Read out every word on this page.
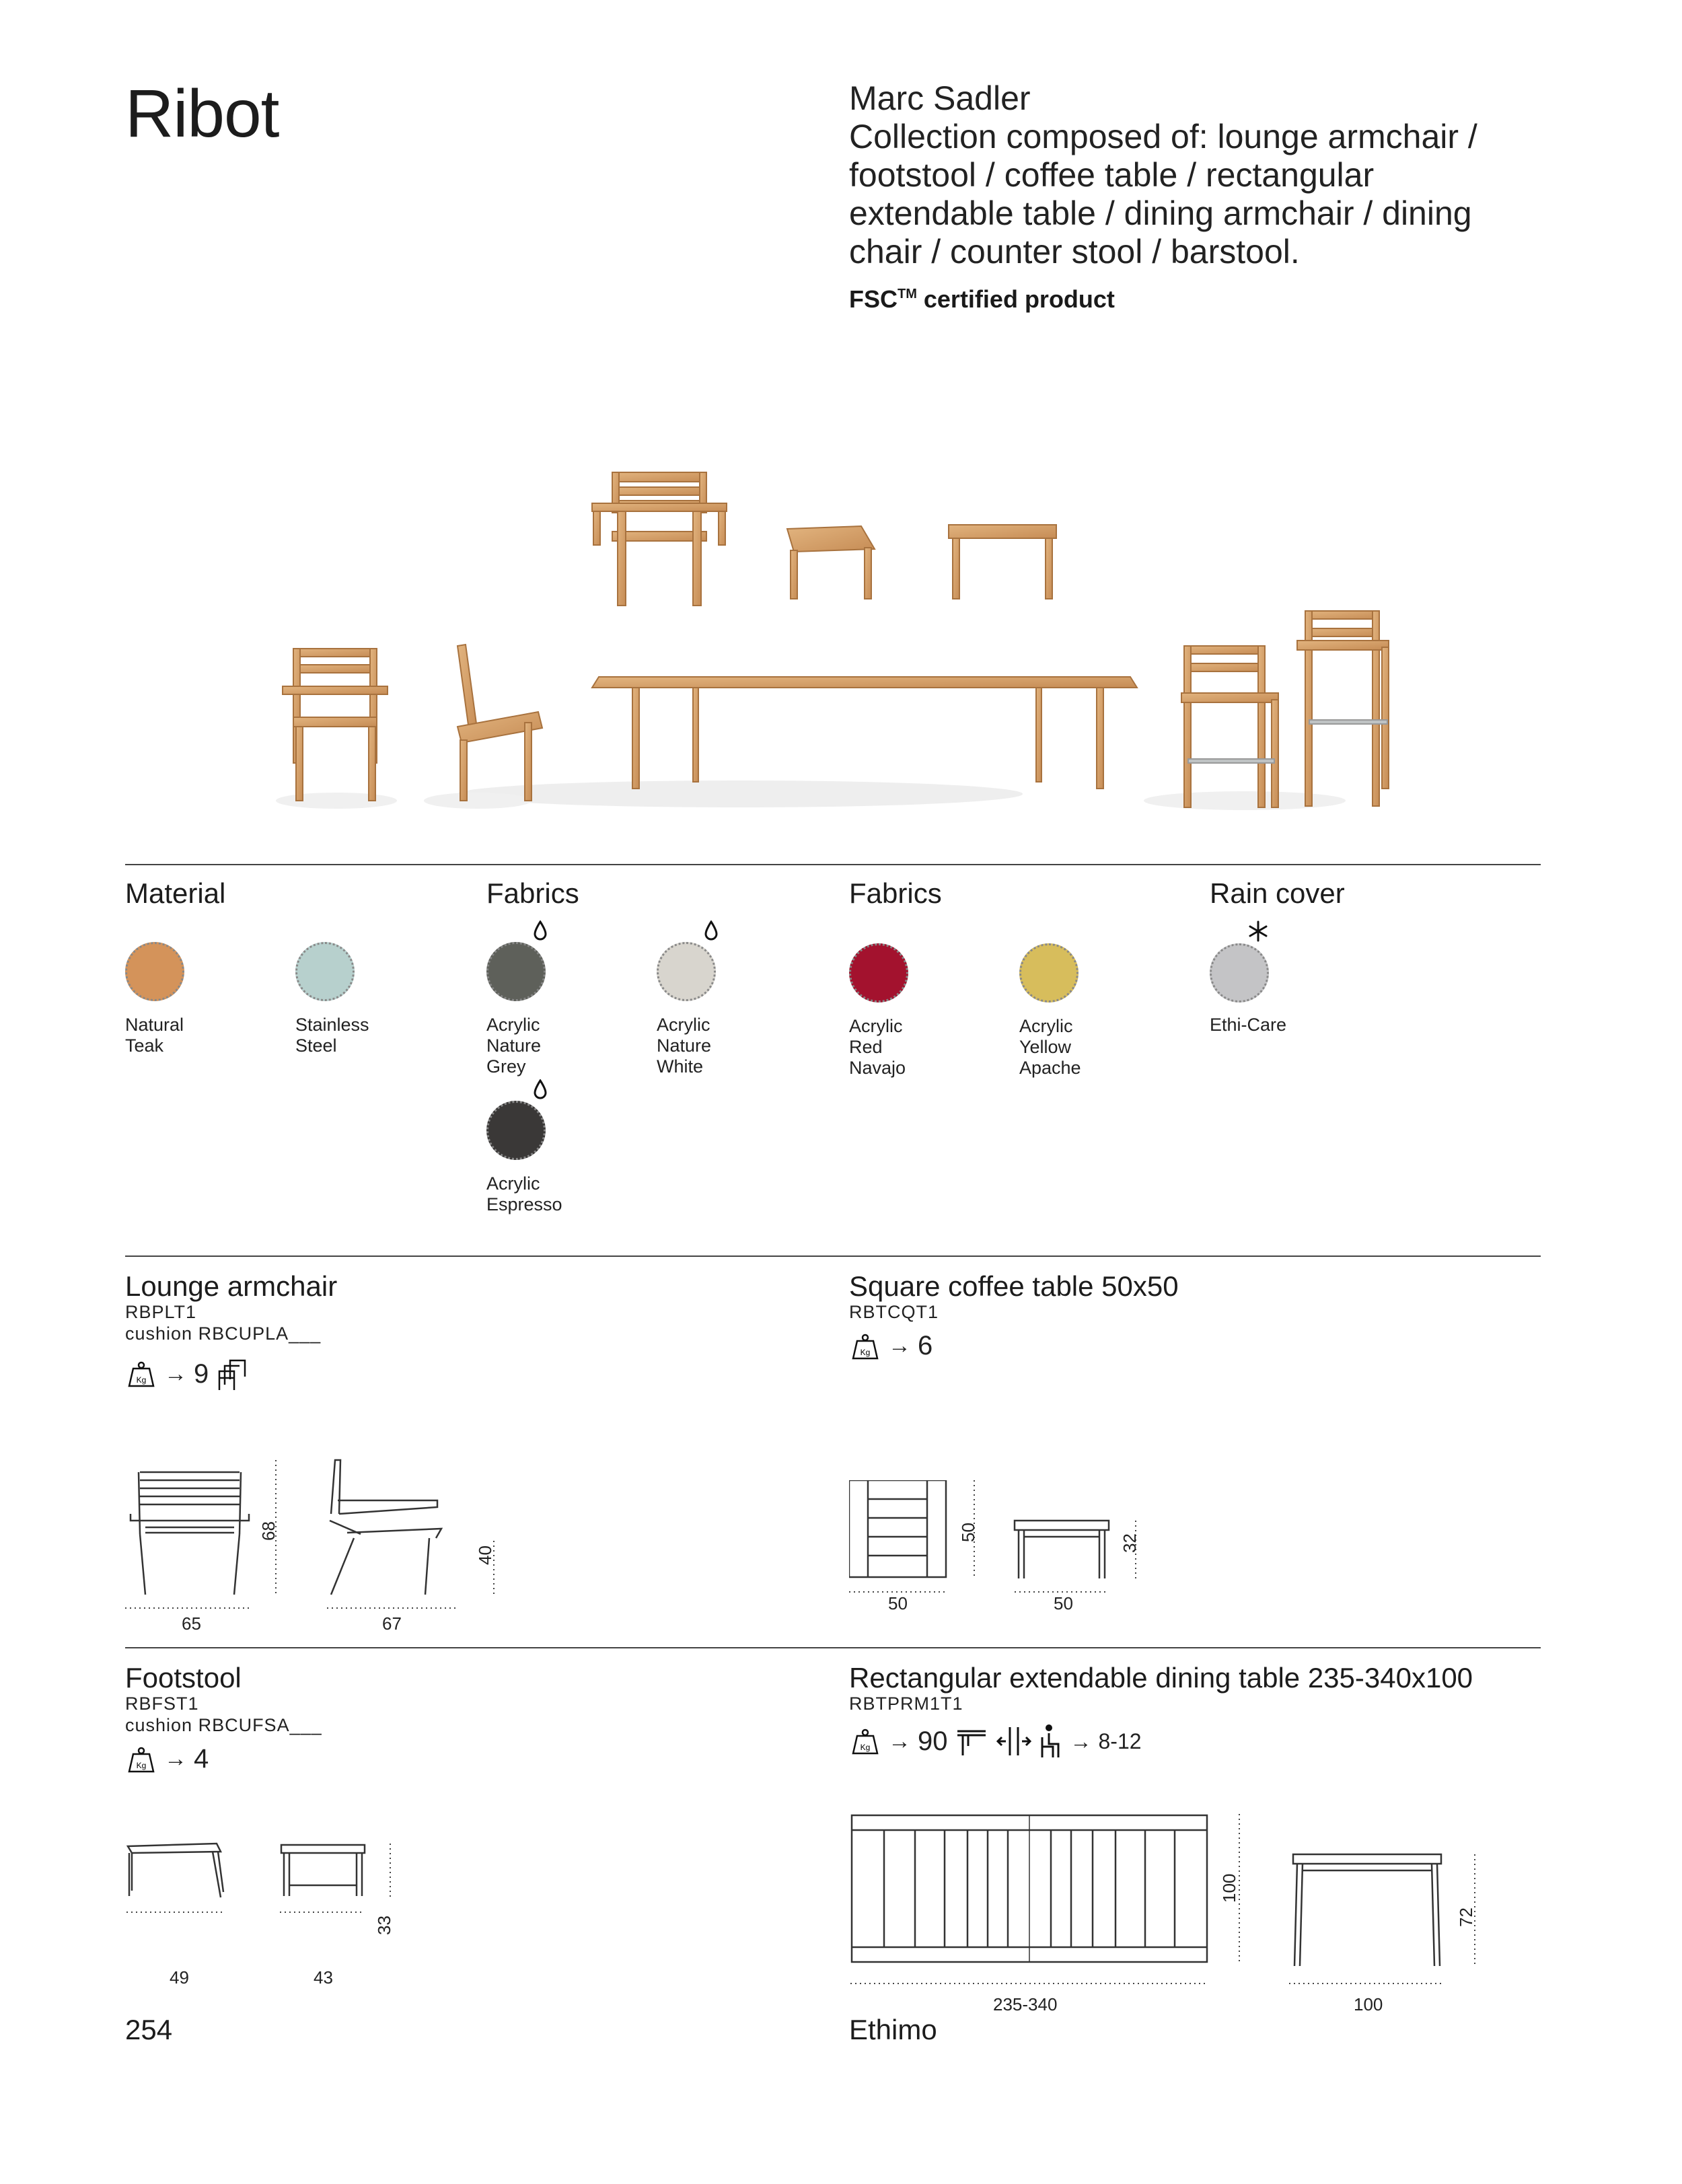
Ribot	Marc Sadler
Collection composed of: lounge armchair / footstool / coffee table / rectangular extendable table / dining armchair / dining chair / counter stool / barstool.
FSC™ certified product
Material
Natural
Teak
Stainless
Steel
Fabrics
Acrylic
Nature
Grey
Acrylic
Nature
White
Acrylic
Espresso
Fabrics
Acrylic
Red
Navajo
Acrylic
Yellow
Apache
Rain cover
Ethi-Care
Lounge armchair
RBPLT1
cushion RBCUPLA___
Kg → 9
65	67
68
40
Square coffee table 50x50
RBTCQT1
Kg → 6
50	50
50
32
Footstool
RBFST1
cushion RBCUFSA___
Kg → 4
49	43
33
Rectangular extendable dining table 235-340x100
RBTPRM1T1
Kg → 90	→ 8-12
235-340	100
100
72
254	Ethimo
